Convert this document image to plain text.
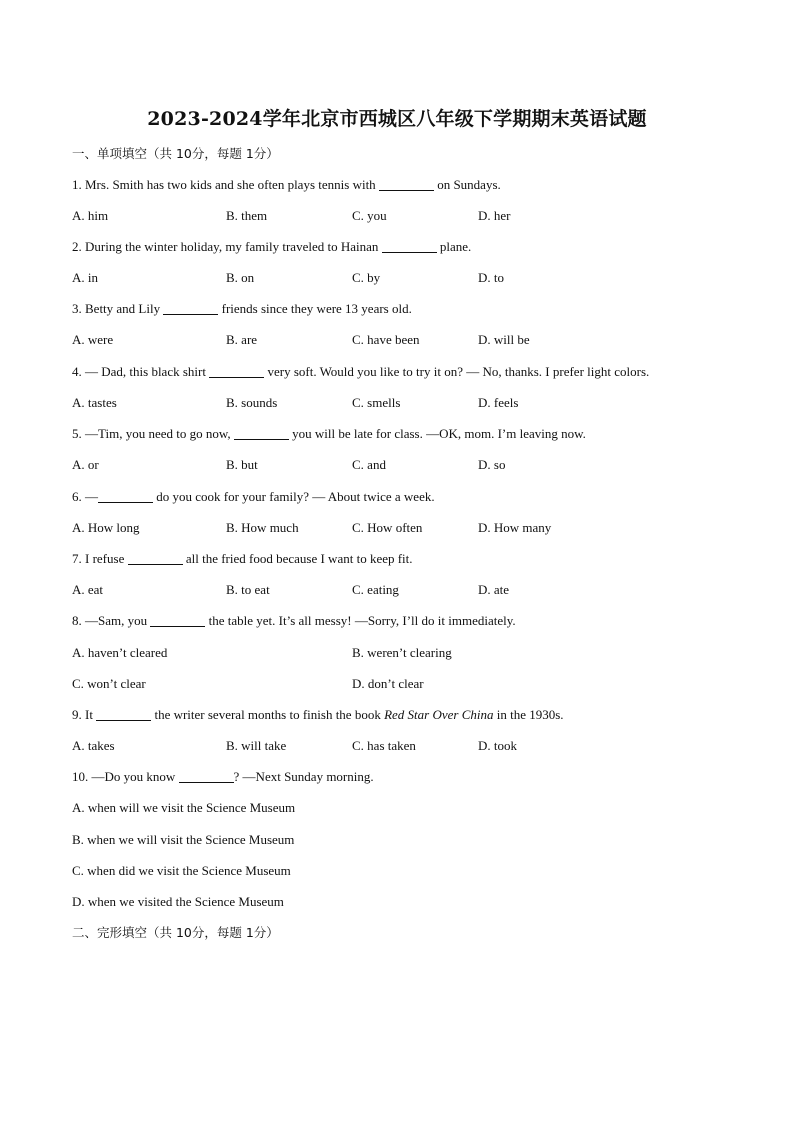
2023-2024学年北京市西城区八年级下学期期末英语试题
一、单项填空（共 10分，每题 1分）
1. Mrs. Smith has two kids and she often plays tennis with	on Sundays.
A. him	B. them	C. you	D. her
2. During the winter holiday, my family traveled to Hainan	plane.
A. in	B. on	C. by	D. to
3. Betty and Lily	friends since they were 13 years old.
A. were	B. are	C. have been	D. will be
4. — Dad, this black shirt	very soft. Would you like to try it on? — No, thanks. I prefer light colors.
A. tastes	B. sounds	C. smells	D. feels
5. —Tim, you need to go now,	you will be late for class. —OK, mom. I’m leaving now.
A. or	B. but	C. and	D. so
6. —	do you cook for your family? — About twice a week.
A. How long	B. How much	C. How often	D. How many
7. I refuse	all the fried food because I want to keep fit.
A. eat	B. to eat	C. eating	D. ate
8. —Sam, you	the table yet. It’s all messy! —Sorry, I’ll do it immediately.
A. haven’t cleared	B. weren’t clearing
C. won’t clear	D. don’t clear
9. It	the writer several months to finish the book Red Star Over China in the 1930s.
A. takes	B. will take	C. has taken	D. took
10. —Do you know	? —Next Sunday morning.
A. when will we visit the Science Museum
B. when we will visit the Science Museum
C. when did we visit the Science Museum
D. when we visited the Science Museum
二、完形填空（共 10分，每题 1分）
